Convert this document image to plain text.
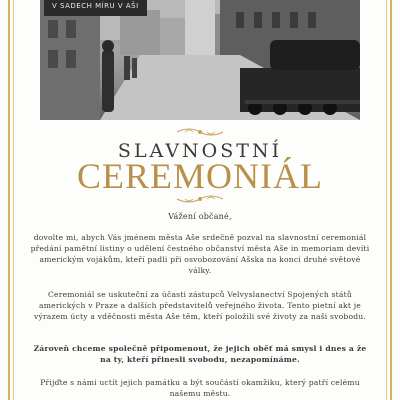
V SADECH MÍRU V AŠI
SLAVNOSTNÍ
CEREMONIÁL
Vážení občané,
dovolte mi, abych Vás jménem města Aše srdečně pozval na slavnostní ceremoniál předání pamětní listiny o udělení čestného občanství města Aše in memoriam devíti americkým vojákům, kteří padli při osvobozování Ašska na konci druhé světové války.
Ceremoniál se uskuteční za účasti zástupců Velvyslanectví Spojených států amerických v Praze a dalších představitelů veřejného života. Tento pietní akt je výrazem úcty a vděčnosti města Aše těm, kteří položili své životy za naši svobodu.
Zároveň chceme společně připomenout, že jejich oběť má smysl i dnes a že na ty, kteří přinesli svobodu, nezapomínáme.
Přijďte s námi uctít jejich památku a být součástí okamžiku, který patří celému našemu městu.
